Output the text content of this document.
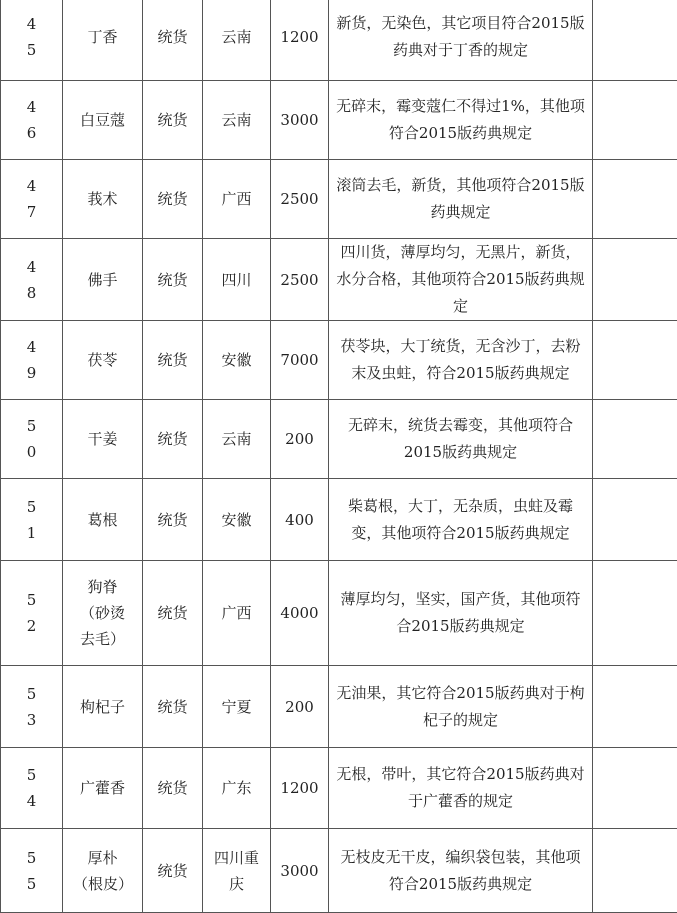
45	丁香	统货	云南	1200	新货，无染色，其它项目符合2015版药典对于丁香的规定	
46	白豆蔻	统货	云南	3000	无碎末，霉变蔻仁不得过1%，其他项符合2015版药典规定	
47	莪术	统货	广西	2500	滚筒去毛，新货，其他项符合2015版药典规定	
48	佛手	统货	四川	2500	四川货，薄厚均匀，无黑片，新货，水分合格，其他项符合2015版药典规定	
49	茯苓	统货	安徽	7000	茯苓块，大丁统货，无含沙丁，去粉末及虫蛀，符合2015版药典规定	
50	干姜	统货	云南	200	无碎末，统货去霉变，其他项符合2015版药典规定	
51	葛根	统货	安徽	400	柴葛根，大丁，无杂质，虫蛀及霉变，其他项符合2015版药典规定	
52	狗脊（砂烫去毛）	统货	广西	4000	薄厚均匀，坚实，国产货，其他项符合2015版药典规定	
53	枸杞子	统货	宁夏	200	无油果，其它符合2015版药典对于枸杞子的规定	
54	广藿香	统货	广东	1200	无根，带叶，其它符合2015版药典对于广藿香的规定	
55	厚朴（根皮）	统货	四川重庆	3000	无枝皮无干皮，编织袋包装，其他项符合2015版药典规定	
